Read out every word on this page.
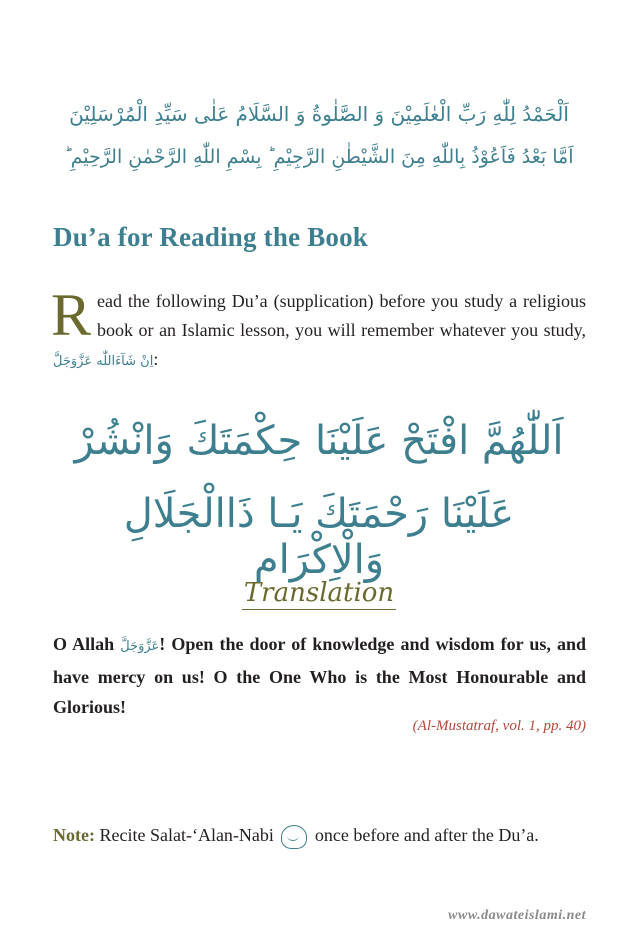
اَلْحَمْدُ لِلّٰهِ رَبِّ الْعٰلَمِیْنَ وَ الصَّلٰوةُ وَ السَّلَامُ عَلٰی سَیِّدِ الْمُرْسَلِیْنَ
اَمَّا بَعْدُ فَاَعُوْذُ بِاللّٰهِ مِنَ الشَّیْطٰنِ الرَّجِیْمِ ؕ بِسْمِ اللّٰهِ الرَّحْمٰنِ الرَّحِیْمِ ؕ
Du’a for Reading the Book
R ead the following Du’a (supplication) before you study a religious book or an Islamic lesson, you will remember whatever you study, اِنْ شَآءَاللّٰه عَزَّوَجَلَّ:

اَللّٰهُمَّ افْتَحْ عَلَیْنَا حِكْمَتَكَ وَانْشُرْ
عَلَیْنَا رَحْمَتَكَ یَـا ذَاالْجَلَالِ وَالْاِكْرَام
Translation
O Allah عَزَّوَجَلَّ! Open the door of knowledge and wisdom for us, and have mercy on us! O the One Who is the Most Honourable and Glorious!
(Al-Mustatraf, vol. 1, pp. 40)
Note: Recite Salat-‘Alan-Nabi  once before and after the Du’a.
www.dawateislami.net
